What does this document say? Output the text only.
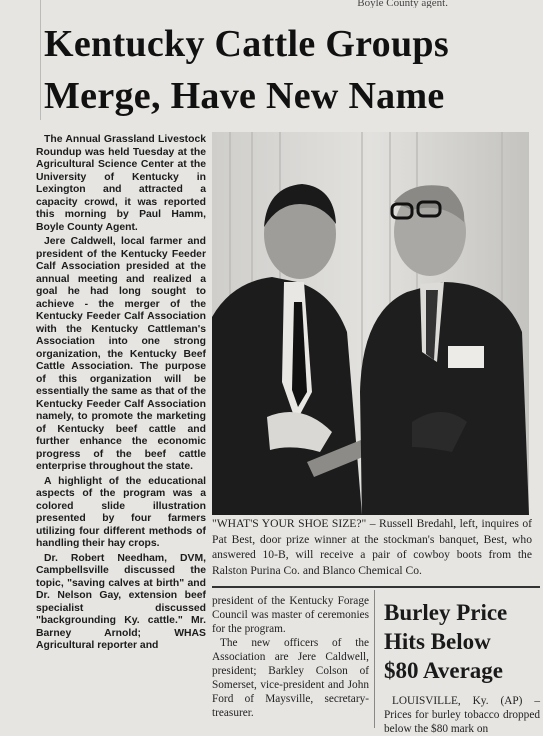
Boyle County agent.
Kentucky Cattle Groups
Merge, Have New Name

The Annual Grassland Livestock Roundup was held Tuesday at the Agricultural Science Center at the University of Kentucky in Lexington and attracted a capacity crowd, it was reported this morning by Paul Hamm, Boyle County Agent.

Jere Caldwell, local farmer and president of the Kentucky Feeder Calf Association presided at the annual meeting and realized a goal he had long sought to achieve - the merger of the Kentucky Feeder Calf Association with the Kentucky Cattleman's Association into one strong organization, the Kentucky Beef Cattle Association. The purpose of this organization will be essentially the same as that of the Kentucky Feeder Calf Association namely, to promote the marketing of Kentucky beef cattle and further enhance the economic progress of the beef cattle enterprise throughout the state.

A highlight of the educational aspects of the program was a colored slide illustration presented by four farmers utilizing four different methods of handling their hay crops.

Dr. Robert Needham, DVM, Campbellsville discussed the topic, "saving calves at birth" and Dr. Nelson Gay, extension beef specialist discussed "backgrounding Ky. cattle." Mr. Barney Arnold; WHAS Agricultural reporter and

"WHAT'S YOUR SHOE SIZE?" – Russell Bredahl, left, inquires of Pat Best, door prize winner at the stockman's banquet, Best, who answered 10-B, will receive a pair of cowboy boots from the Ralston Purina Co. and Blanco Chemical Co.

president of the Kentucky Forage Council was master of ceremonies for the program.

The new officers of the Association are Jere Caldwell, president; Barkley Colson of Somerset, vice-president and John Ford of Maysville, secretary-treasurer.

Burley Price
Hits Below
$80 Average

LOUISVILLE, Ky. (AP) – Prices for burley tobacco dropped below the $80 mark on
